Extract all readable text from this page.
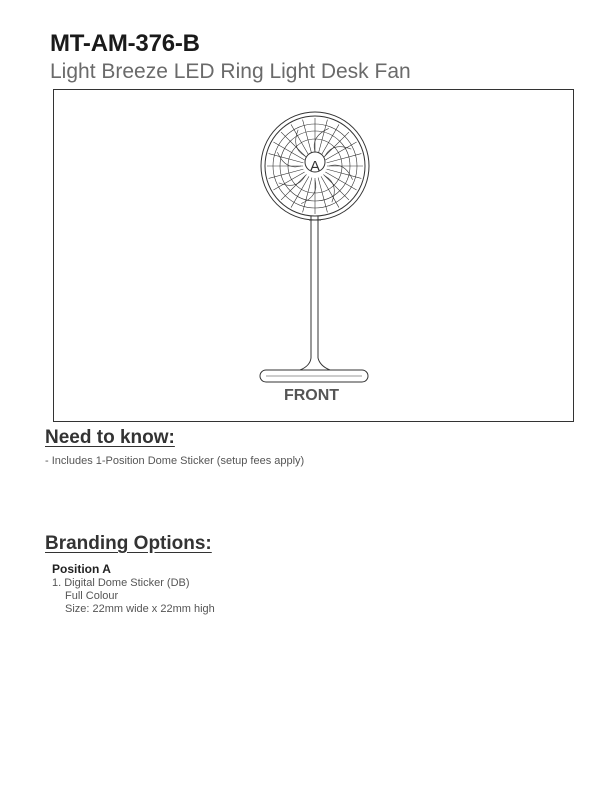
MT-AM-376-B
Light Breeze LED Ring Light Desk Fan
A
FRONT
Need to know:
- Includes 1-Position Dome Sticker (setup fees apply)
Branding Options:
Position A
1. Digital Dome Sticker (DB)
Full Colour
Size: 22mm wide x 22mm high
